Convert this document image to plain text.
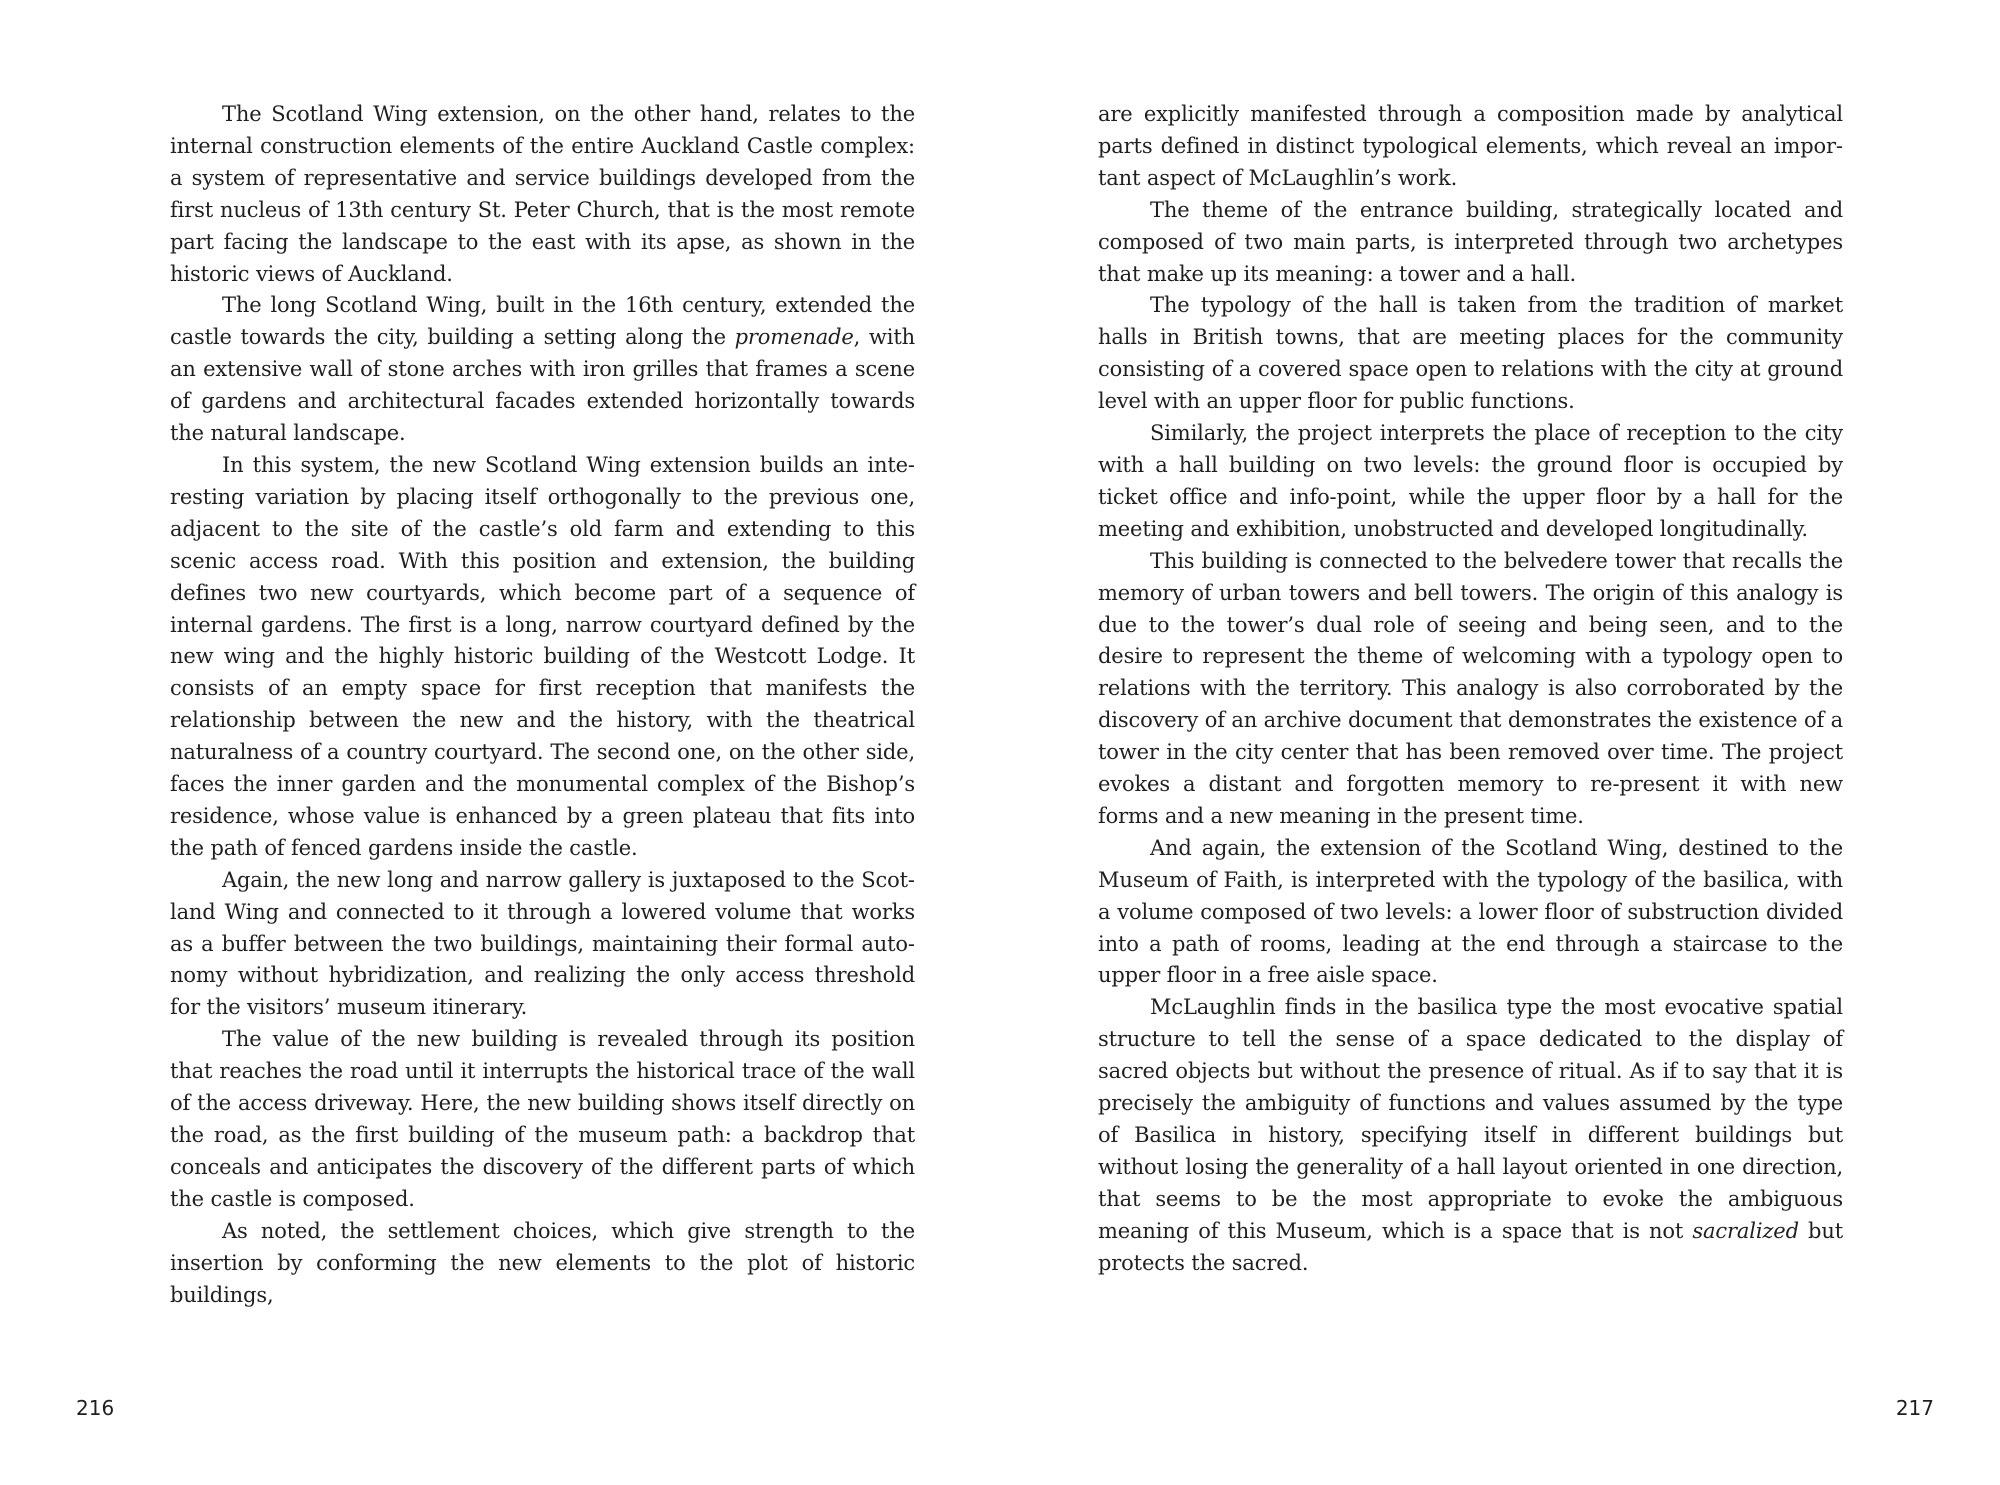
The Scotland Wing extension, on the other hand, relates to the internal construction elements of the entire Auckland Castle complex: a system of representative and service buildings developed from the first nucleus of 13th century St. Peter Church, that is the most remote part facing the landscape to the east with its apse, as shown in the historic views of Auckland.

The long Scotland Wing, built in the 16th century, extended the castle towards the city, building a setting along the promenade, with an extensive wall of stone arches with iron grilles that frames a scene of gardens and architectural facades extended horizontally towards the natural landscape.

In this system, the new Scotland Wing extension builds an interesting variation by placing itself orthogonally to the previous one, adjacent to the site of the castle’s old farm and extending to this scenic access road. With this position and extension, the building defines two new courtyards, which become part of a sequence of internal gardens. The first is a long, narrow courtyard defined by the new wing and the highly historic building of the Westcott Lodge. It consists of an empty space for first reception that manifests the relationship between the new and the history, with the theatrical naturalness of a country courtyard. The second one, on the other side, faces the inner garden and the monumental complex of the Bishop’s residence, whose value is enhanced by a green plateau that fits into the path of fenced gardens inside the castle.

Again, the new long and narrow gallery is juxtaposed to the Scotland Wing and connected to it through a lowered volume that works as a buffer between the two buildings, maintaining their formal autonomy without hybridization, and realizing the only access threshold for the visitors’ museum itinerary.

The value of the new building is revealed through its position that reaches the road until it interrupts the historical trace of the wall of the access driveway. Here, the new building shows itself directly on the road, as the first building of the museum path: a backdrop that conceals and anticipates the discovery of the different parts of which the castle is composed.

As noted, the settlement choices, which give strength to the insertion by conforming the new elements to the plot of historic buildings,

216

are explicitly manifested through a composition made by analytical parts defined in distinct typological elements, which reveal an important aspect of McLaughlin’s work.

The theme of the entrance building, strategically located and composed of two main parts, is interpreted through two archetypes that make up its meaning: a tower and a hall.

The typology of the hall is taken from the tradition of market halls in British towns, that are meeting places for the community consisting of a covered space open to relations with the city at ground level with an upper floor for public functions.

Similarly, the project interprets the place of reception to the city with a hall building on two levels: the ground floor is occupied by ticket office and info-point, while the upper floor by a hall for the meeting and exhibition, unobstructed and developed longitudinally.

This building is connected to the belvedere tower that recalls the memory of urban towers and bell towers. The origin of this analogy is due to the tower’s dual role of seeing and being seen, and to the desire to represent the theme of welcoming with a typology open to relations with the territory. This analogy is also corroborated by the discovery of an archive document that demonstrates the existence of a tower in the city center that has been removed over time. The project evokes a distant and forgotten memory to re-present it with new forms and a new meaning in the present time.

And again, the extension of the Scotland Wing, destined to the Museum of Faith, is interpreted with the typology of the basilica, with a volume composed of two levels: a lower floor of substruction divided into a path of rooms, leading at the end through a staircase to the upper floor in a free aisle space.

McLaughlin finds in the basilica type the most evocative spatial structure to tell the sense of a space dedicated to the display of sacred objects but without the presence of ritual. As if to say that it is precisely the ambiguity of functions and values assumed by the type of Basilica in history, specifying itself in different buildings but without losing the generality of a hall layout oriented in one direction, that seems to be the most appropriate to evoke the ambiguous meaning of this Museum, which is a space that is not sacralized but protects the sacred.

217
